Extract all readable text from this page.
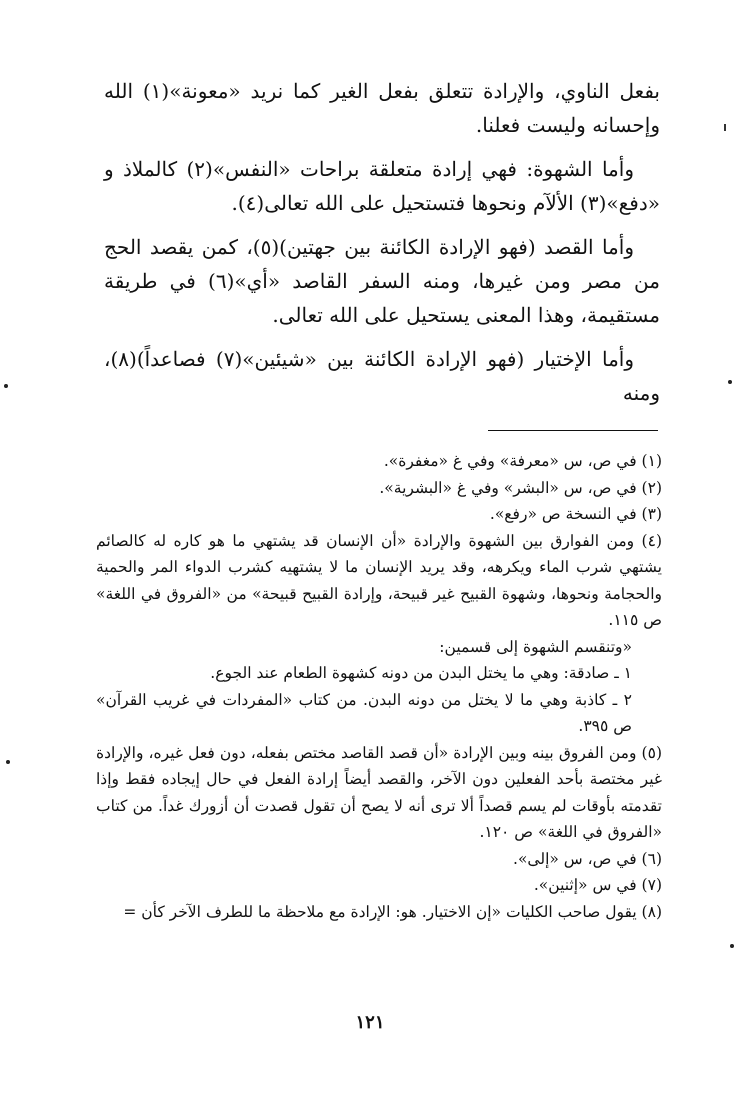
بفعل الناوي، والإرادة تتعلق بفعل الغير كما نريد «معونة»(١) الله وإحسانه وليست فعلنا.

وأما الشهوة: فهي إرادة متعلقة براحات «النفس»(٢) كالملاذ و «دفع»(٣) الألآم ونحوها فتستحيل على الله تعالى(٤).

وأما القصد (فهو الإرادة الكائنة بين جهتين)(٥)، كمن يقصد الحج من مصر ومن غيرها، ومنه السفر القاصد «أي»(٦) في طريقة مستقيمة، وهذا المعنى يستحيل على الله تعالى.

وأما الإختيار (فهو الإرادة الكائنة بين «شيئين»(٧) فصاعداً)(٨)، ومنه

(١) في ص، س «معرفة» وفي غ «مغفرة».

(٢) في ص، س «البشر» وفي غ «البشرية».

(٣) في النسخة ص «رفع».

(٤) ومن الفوارق بين الشهوة والإرادة «أن الإنسان قد يشتهي ما هو كاره له كالصائم يشتهي شرب الماء ويكرهه، وقد يريد الإنسان ما لا يشتهيه كشرب الدواء المر والحمية والحجامة ونحوها، وشهوة القبيح غير قبيحة، وإرادة القبيح قبيحة» من «الفروق في اللغة» ص ١١٥.

«وتنقسم الشهوة إلى قسمين:

١ ـ صادقة: وهي ما يختل البدن من دونه كشهوة الطعام عند الجوع.

٢ ـ كاذبة وهي ما لا يختل من دونه البدن. من كتاب «المفردات في غريب القرآن» ص ٣٩٥.

(٥) ومن الفروق بينه وبين الإرادة «أن قصد القاصد مختص بفعله، دون فعل غيره، والإرادة غير مختصة بأحد الفعلين دون الآخر، والقصد أيضاً إرادة الفعل في حال إيجاده فقط وإذا تقدمته بأوقات لم يسم قصداً ألا ترى أنه لا يصح أن تقول قصدت أن أزورك غداً. من كتاب «الفروق في اللغة» ص ١٢٠.

(٦) في ص، س «إلى».

(٧) في س «إثنين».

(٨) يقول صاحب الكليات «إن الاختيار. هو: الإرادة مع ملاحظة ما للطرف الآخر كأن =

١٢١
